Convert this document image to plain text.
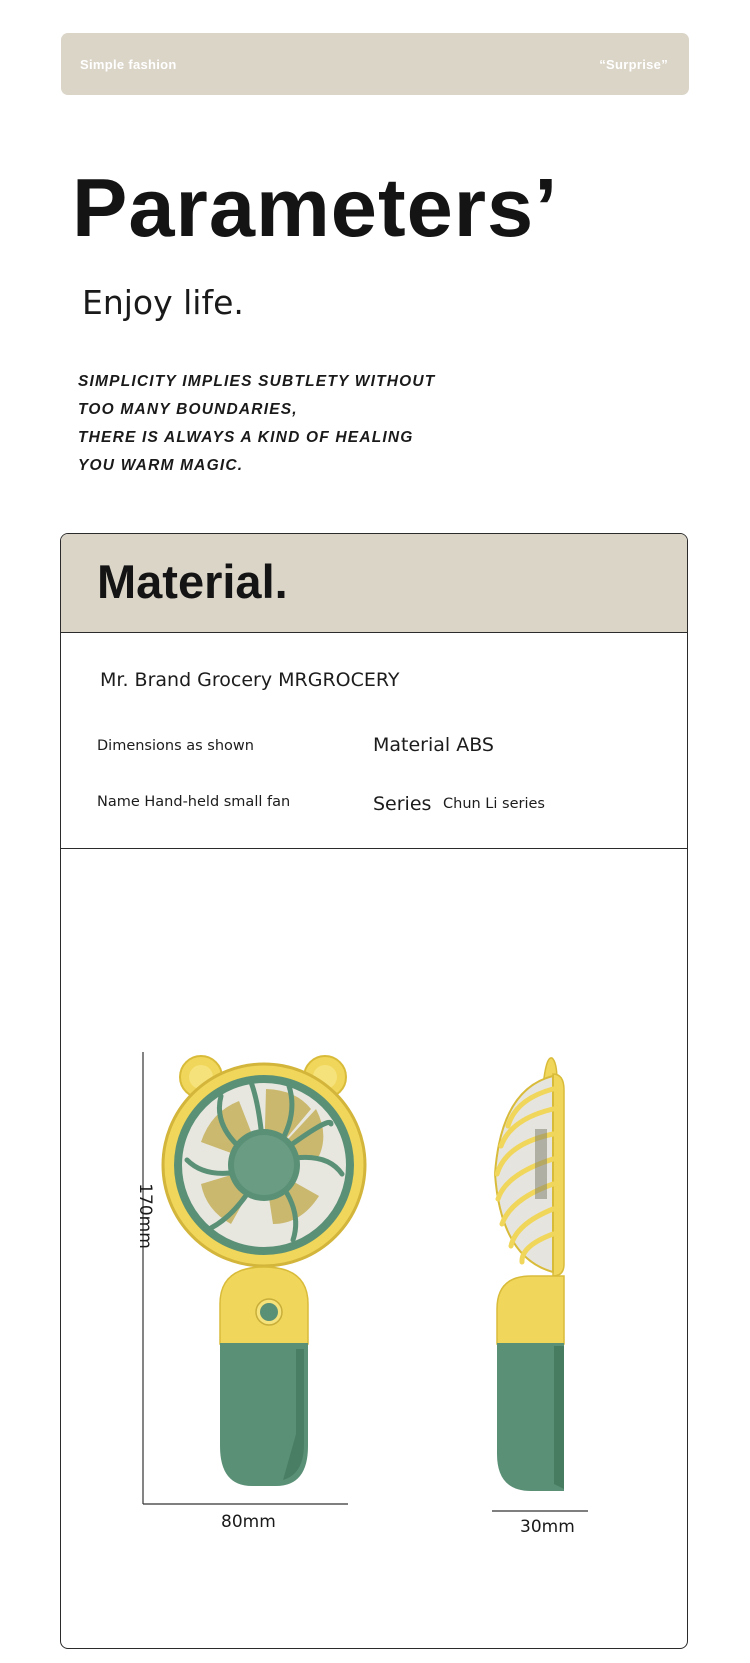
Simple fashion	“Surprise”
Parameters’
Enjoy life.
SIMPLICITY IMPLIES SUBTLETY WITHOUT
TOO MANY BOUNDARIES,
THERE IS ALWAYS A KIND OF HEALING
YOU WARM MAGIC.
Material.
Mr. Brand Grocery MRGROCERY
Dimensions as shown	Material ABS
Name Hand-held small fan	Series Chun Li series
170mm
80mm	30mm
